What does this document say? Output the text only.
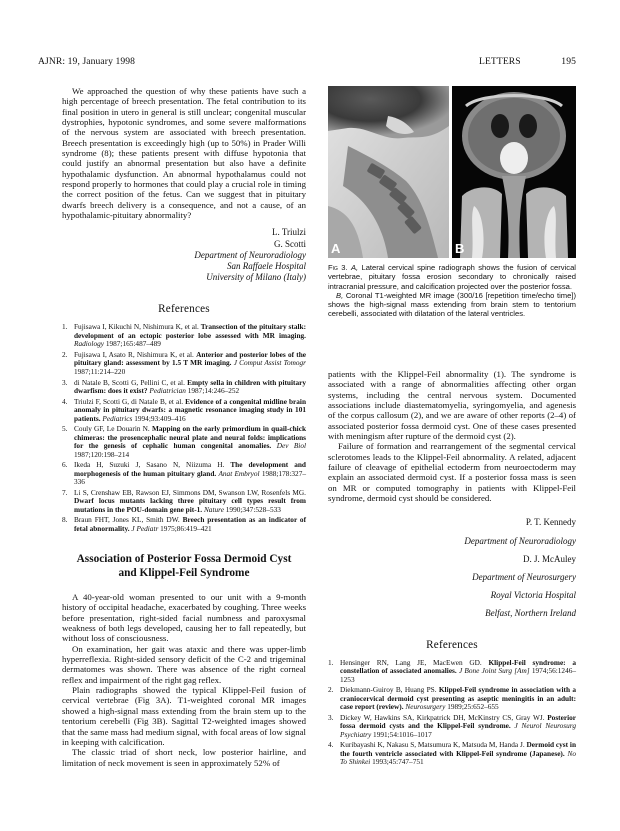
AJNR: 19, January 1998	LETTERS	195

We approached the question of why these patients have such a high percentage of breech presentation. The fetal contribution to its final position in utero in general is still unclear; congenital muscular dystrophies, hypotonic syndromes, and some severe malformations of the nervous system are associated with breech presentation. Breech presentation is exceedingly high (up to 50%) in Prader Willi syndrome (8); these patients present with diffuse hypotonia that could justify an abnormal presentation but also have a definite hypothalamic dysfunction. An abnormal hypothalamus could not respond properly to hormones that could play a crucial role in timing the correct position of the fetus. Can we suggest that in pituitary dwarfs breech delivery is a consequence, and not a cause, of an hypothalamic-pituitary abnormality?

L. Triulzi
G. Scotti
Department of Neuroradiology
San Raffaele Hospital
University of Milano (Italy)
References
1. Fujisawa I, Kikuchi N, Nishimura K, et al. Transection of the pituitary stalk: development of an ectopic posterior lobe assessed with MR imaging. Radiology 1987;165:487–489
2. Fujisawa I, Asato R, Nishimura K, et al. Anterior and posterior lobes of the pituitary gland: assessment by 1.5 T MR imaging. J Comput Assist Tomogr 1987;11:214–220
3. di Natale B, Scotti G, Pellini C, et al. Empty sella in children with pituitary dwarfism: does it exist? Pediatrician 1987;14:246–252
4. Triulzi F, Scotti G, di Natale B, et al. Evidence of a congenital midline brain anomaly in pituitary dwarfs: a magnetic resonance imaging study in 101 patients. Pediatrics 1994;93:409–416
5. Couly GF, Le Douarin N. Mapping on the early primordium in quail-chick chimeras: the prosencephalic neural plate and neural folds: implications for the genesis of cephalic human congenital anomalies. Dev Biol 1987;120:198–214
6. Ikeda H, Suzuki J, Sasano N, Niizuma H. The development and morphogenesis of the human pituitary gland. Anat Embryol 1988;178:327–336
7. Li S, Crenshaw EB, Rawson EJ, Simmons DM, Swanson LW, Rosenfels MG. Dwarf locus mutants lacking three pituitary cell types result from mutations in the POU-domain gene pit-1. Nature 1990;347:528–533
8. Braun FHT, Jones KL, Smith DW. Breech presentation as an indicator of fetal abnormality. J Pediatr 1975;86:419–421
Association of Posterior Fossa Dermoid Cyst
and Klippel-Feil Syndrome

A 40-year-old woman presented to our unit with a 9-month history of occipital headache, exacerbated by coughing. Three weeks before presentation, right-sided facial numbness and paroxysmal weakness of both legs developed, causing her to fall repeatedly, but without loss of consciousness.

On examination, her gait was ataxic and there was upper-limb hyperreflexia. Right-sided sensory deficit of the C-2 and trigeminal dermatomes was shown. There was absence of the right corneal reflex and impairment of the right gag reflex.

Plain radiographs showed the typical Klippel-Feil fusion of cervical vertebrae (Fig 3A). T1-weighted coronal MR images showed a high-signal mass extending from the brain stem up to the tentorium cerebelli (Fig 3B). Sagittal T2-weighted images showed that the same mass had medium signal, with focal areas of low signal in keeping with calcification.

The classic triad of short neck, low posterior hairline, and limitation of neck movement is seen in approximately 52% of

A	B

Fig 3. A, Lateral cervical spine radiograph shows the fusion of cervical vertebrae, pituitary fossa erosion secondary to chronically raised intracranial pressure, and calcification projected over the posterior fossa.

B, Coronal T1-weighted MR image (300/16 [repetition time/echo time]) shows the high-signal mass extending from brain stem to tentorium cerebelli, associated with dilatation of the lateral ventricles.

patients with the Klippel-Feil abnormality (1). The syndrome is associated with a range of abnormalities affecting other organ systems, including the central nervous system. Documented associations include diastematomyelia, syringomyelia, and agenesis of the corpus callosum (2), and we are aware of other reports (2–4) of associated posterior fossa dermoid cyst. One of these cases presented with meningism after rupture of the dermoid cyst (2).

Failure of formation and rearrangement of the segmental cervical sclerotomes leads to the Klippel-Feil abnormality. A related, adjacent failure of cleavage of epithelial ectoderm from neuroectoderm may explain an associated dermoid cyst. If a posterior fossa mass is seen on MR or computed tomography in patients with Klippel-Feil syndrome, dermoid cyst should be considered.

P. T. Kennedy
Department of Neuroradiology
D. J. McAuley
Department of Neurosurgery
Royal Victoria Hospital
Belfast, Northern Ireland
References
1. Hensinger RN, Lang JE, MacEwen GD. Klippel-Feil syndrome: a constellation of associated anomalies. J Bone Joint Surg [Am] 1974;56:1246–1253
2. Diekmann-Guiroy B, Huang PS. Klippel-Feil syndrome in association with a craniocervical dermoid cyst presenting as aseptic meningitis in an adult: case report (review). Neurosurgery 1989;25:652–655
3. Dickey W, Hawkins SA, Kirkpatrick DH, McKinstry CS, Gray WJ. Posterior fossa dermoid cysts and the Klippel-Feil syndrome. J Neurol Neurosurg Psychiatry 1991;54:1016–1017
4. Kuribayashi K, Nakasu S, Matsumura K, Matsuda M, Handa J. Dermoid cyst in the fourth ventricle associated with Klippel-Feil syndrome (Japanese). No To Shinkei 1993;45:747–751
